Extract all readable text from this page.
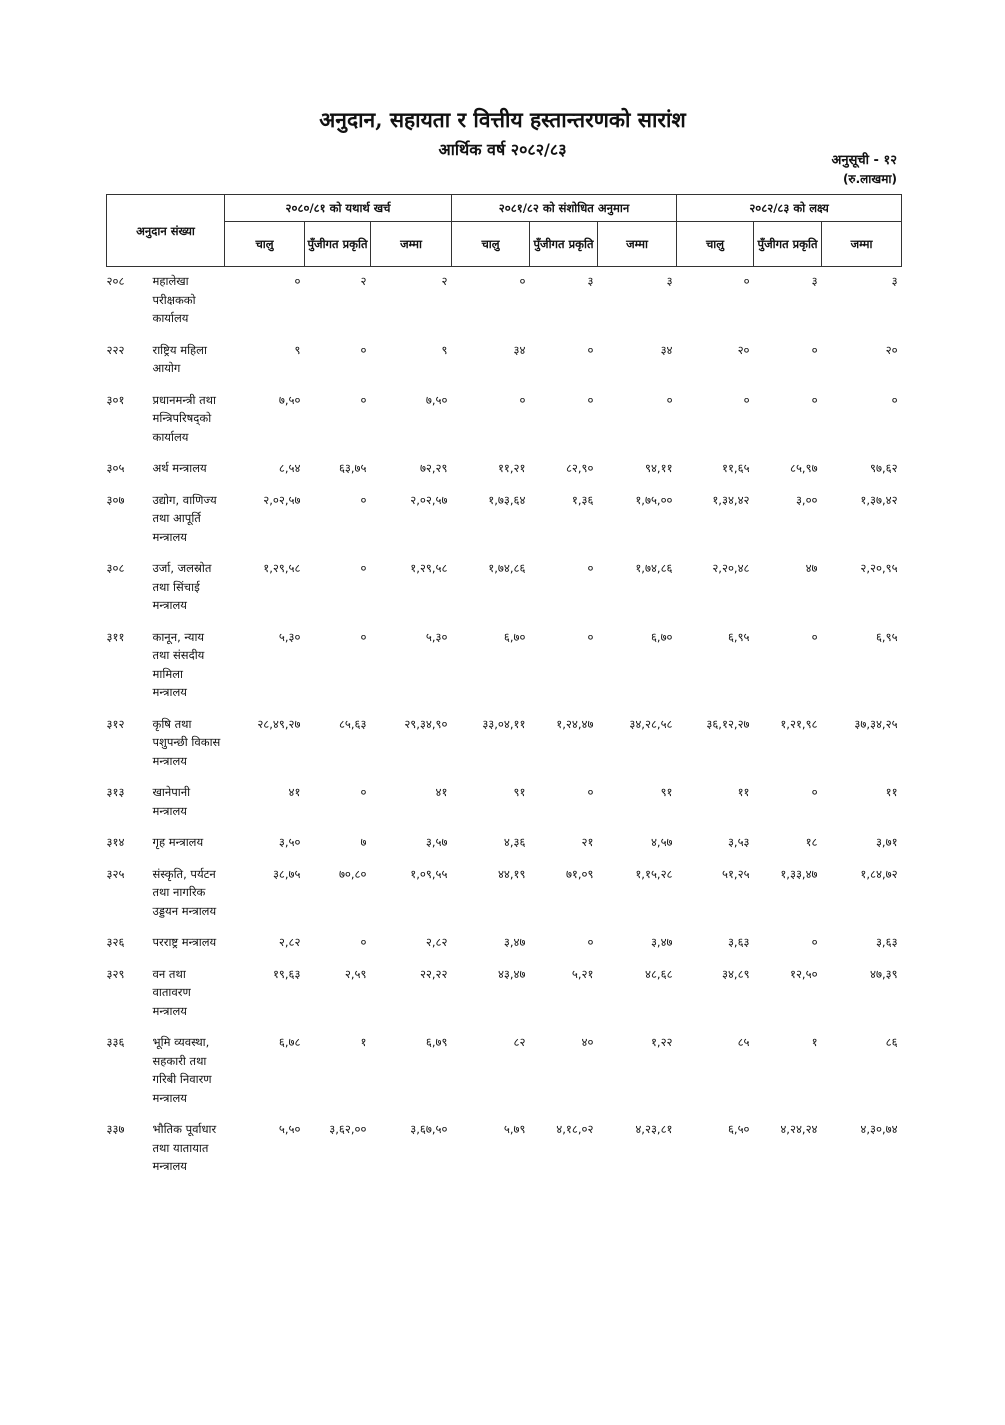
अनुदान, सहायता र वित्तीय हस्तान्तरणको सारांश
आर्थिक वर्ष २०८२/८३
अनुसूची - १२
(रु.लाखमा)
अनुदान संख्या		२०८०/८१ को यथार्थ खर्च			२०८१/८२ को संशोधित अनुमान			२०८२/८३ को लक्ष्य		
		चालु	पुँजीगत प्रकृति	जम्मा	चालु	पुँजीगत प्रकृति	जम्मा	चालु	पुँजीगत प्रकृति	जम्मा
२०८	महालेखा परीक्षकको कार्यालय	०	२	२	०	३	३	०	३	३
२२२	राष्ट्रिय महिला आयोग	९	०	९	३४	०	३४	२०	०	२०
३०१	प्रधानमन्त्री तथा मन्त्रिपरिषद्को कार्यालय	७,५०	०	७,५०	०	०	०	०	०	०
३०५	अर्थ मन्त्रालय	८,५४	६३,७५	७२,२९	११,२१	८२,९०	९४,११	११,६५	८५,९७	९७,६२
३०७	उद्योग, वाणिज्य तथा आपूर्ति मन्त्रालय	२,०२,५७	०	२,०२,५७	१,७३,६४	१,३६	१,७५,००	१,३४,४२	३,००	१,३७,४२
३०८	उर्जा, जलस्रोत तथा सिंचाई मन्त्रालय	१,२९,५८	०	१,२९,५८	१,७४,८६	०	१,७४,८६	२,२०,४८	४७	२,२०,९५
३११	कानून, न्याय तथा संसदीय मामिला मन्त्रालय	५,३०	०	५,३०	६,७०	०	६,७०	६,९५	०	६,९५
३१२	कृषि तथा पशुपन्छी विकास मन्त्रालय	२८,४९,२७	८५,६३	२९,३४,९०	३३,०४,११	१,२४,४७	३४,२८,५८	३६,१२,२७	१,२१,९८	३७,३४,२५
३१३	खानेपानी मन्त्रालय	४१	०	४१	९१	०	९१	११	०	११
३१४	गृह मन्त्रालय	३,५०	७	३,५७	४,३६	२१	४,५७	३,५३	१८	३,७१
३२५	संस्कृति, पर्यटन तथा नागरिक उड्डयन मन्त्रालय	३८,७५	७०,८०	१,०९,५५	४४,१९	७१,०९	१,१५,२८	५१,२५	१,३३,४७	१,८४,७२
३२६	परराष्ट्र मन्त्रालय	२,८२	०	२,८२	३,४७	०	३,४७	३,६३	०	३,६३
३२९	वन तथा वातावरण मन्त्रालय	१९,६३	२,५९	२२,२२	४३,४७	५,२१	४८,६८	३४,८९	१२,५०	४७,३९
३३६	भूमि व्यवस्था, सहकारी तथा गरिबी निवारण मन्त्रालय	६,७८	१	६,७९	८२	४०	१,२२	८५	१	८६
३३७	भौतिक पूर्वाधार तथा यातायात मन्त्रालय	५,५०	३,६२,००	३,६७,५०	५,७९	४,१८,०२	४,२३,८१	६,५०	४,२४,२४	४,३०,७४
